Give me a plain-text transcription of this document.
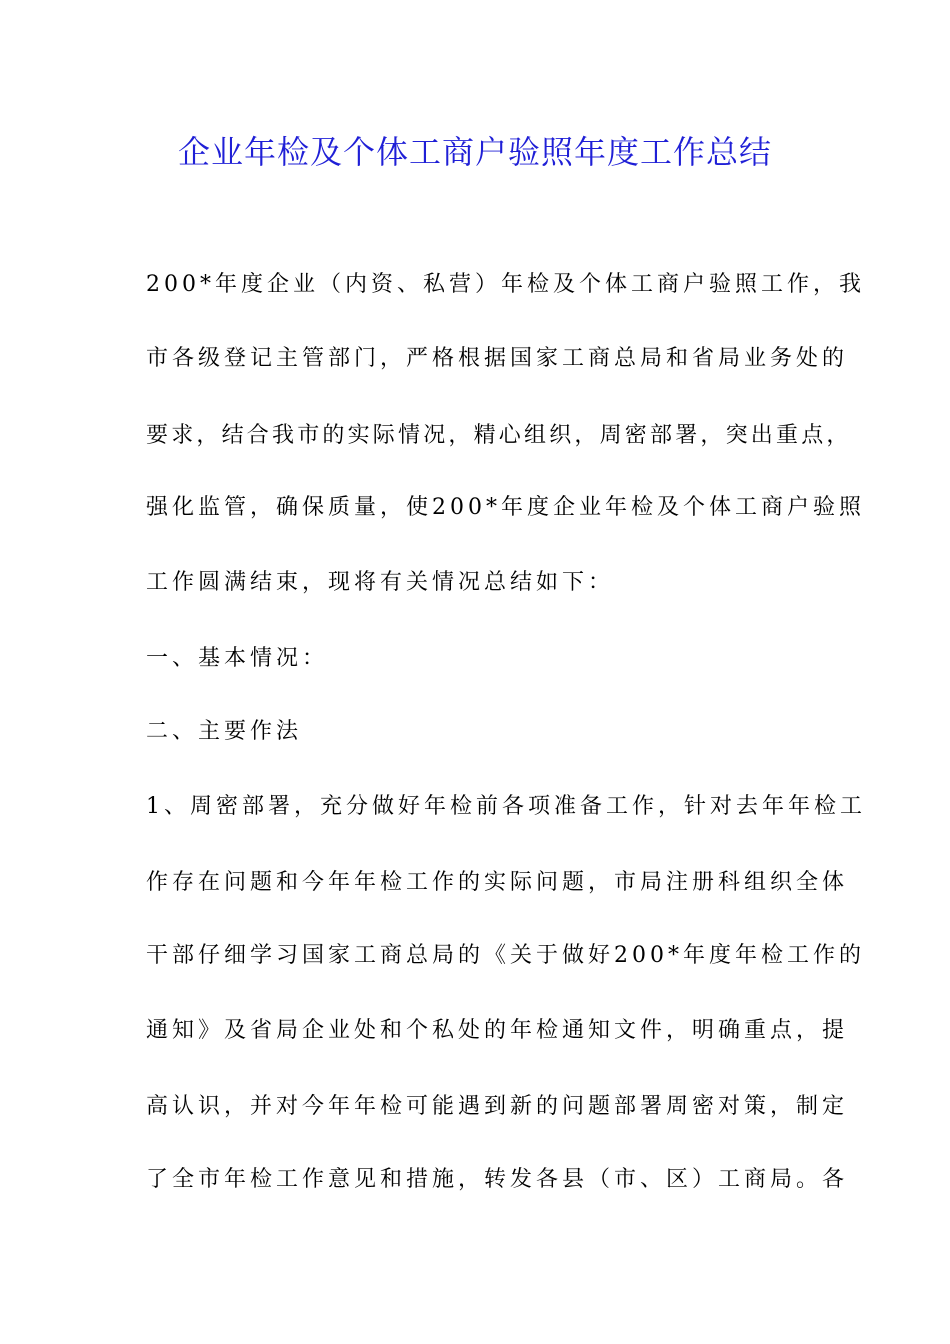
企业年检及个体工商户验照年度工作总结

200*年度企业（内资、私营）年检及个体工商户验照工作，我

市各级登记主管部门，严格根据国家工商总局和省局业务处的

要求，结合我市的实际情况，精心组织，周密部署，突出重点，

强化监管，确保质量，使200*年度企业年检及个体工商户验照

工作圆满结束，现将有关情况总结如下：

一、基本情况：

二、主要作法

1、周密部署，充分做好年检前各项准备工作，针对去年年检工

作存在问题和今年年检工作的实际问题，市局注册科组织全体

干部仔细学习国家工商总局的《关于做好200*年度年检工作的

通知》及省局企业处和个私处的年检通知文件，明确重点，提

高认识，并对今年年检可能遇到新的问题部署周密对策，制定

了全市年检工作意见和措施，转发各县（市、区）工商局。各
